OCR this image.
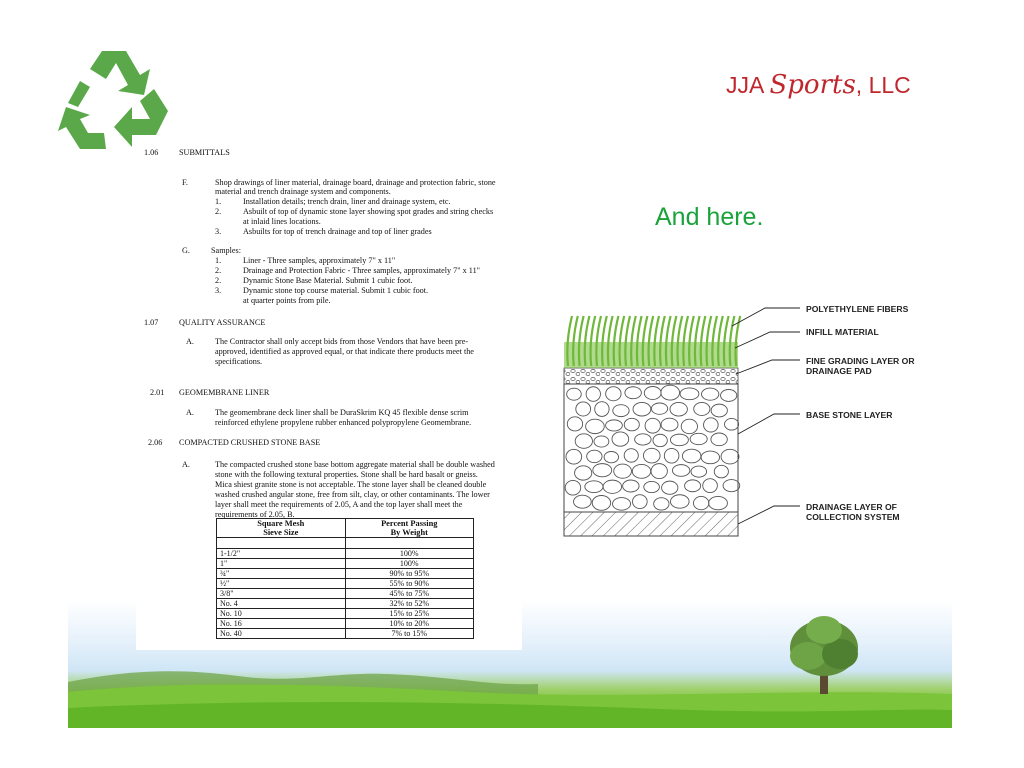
JJA Sports, LLC
And here.
1.06	SUBMITTALS
F.	Shop drawings of liner material, drainage board, drainage and protection fabric, stone
material and trench drainage system and components.
1.	Installation details; trench drain, liner and drainage system, etc.
2.	Asbuilt of top of dynamic stone layer showing spot grades and string checks
at inlaid lines locations.
3.	Asbuilts for top of trench drainage and top of liner grades
G.	Samples:
1.	Liner - Three samples, approximately 7" x 11"
2.	Drainage and Protection Fabric - Three samples, approximately 7" x 11"
2.	Dynamic Stone Base Material. Submit 1 cubic foot.
3.	Dynamic stone top course material. Submit 1 cubic foot.
at quarter points from pile.
1.07	QUALITY ASSURANCE
A.	The Contractor shall only accept bids from those Vendors that have been pre-
approved, identified as approved equal, or that indicate there products meet the
specifications.
2.01 GEOMEMBRANE LINER
A.	The geomembrane deck liner shall be DuraSkrim KQ 45 flexible dense scrim
reinforced ethylene propylene rubber enhanced polypropylene Geomembrane.
2.06 COMPACTED CRUSHED STONE BASE
A.	The compacted crushed stone base bottom aggregate material shall be double washed
stone with the following textural properties. Stone shall be hard basalt or gneiss.
Mica shiest granite stone is not acceptable. The stone layer shall be cleaned double
washed crushed angular stone, free from silt, clay, or other contaminants. The lower
layer shall meet the requirements of 2.05, A and the top layer shall meet the
requirements of 2.05, B.
Square Mesh
Sieve Size	Percent Passing
By Weight

1-1/2"	100%
1"	100%
¾"	90% to 95%
½"	55% to 90%
3/8"	45% to 75%
No. 4	32% to 52%
No. 10	15% to 25%
No. 16	10% to 20%
No. 40	7% to 15%
POLYETHYLENE FIBERS
INFILL MATERIAL
FINE GRADING LAYER OR
DRAINAGE PAD
BASE STONE LAYER
DRAINAGE LAYER OF
COLLECTION SYSTEM
